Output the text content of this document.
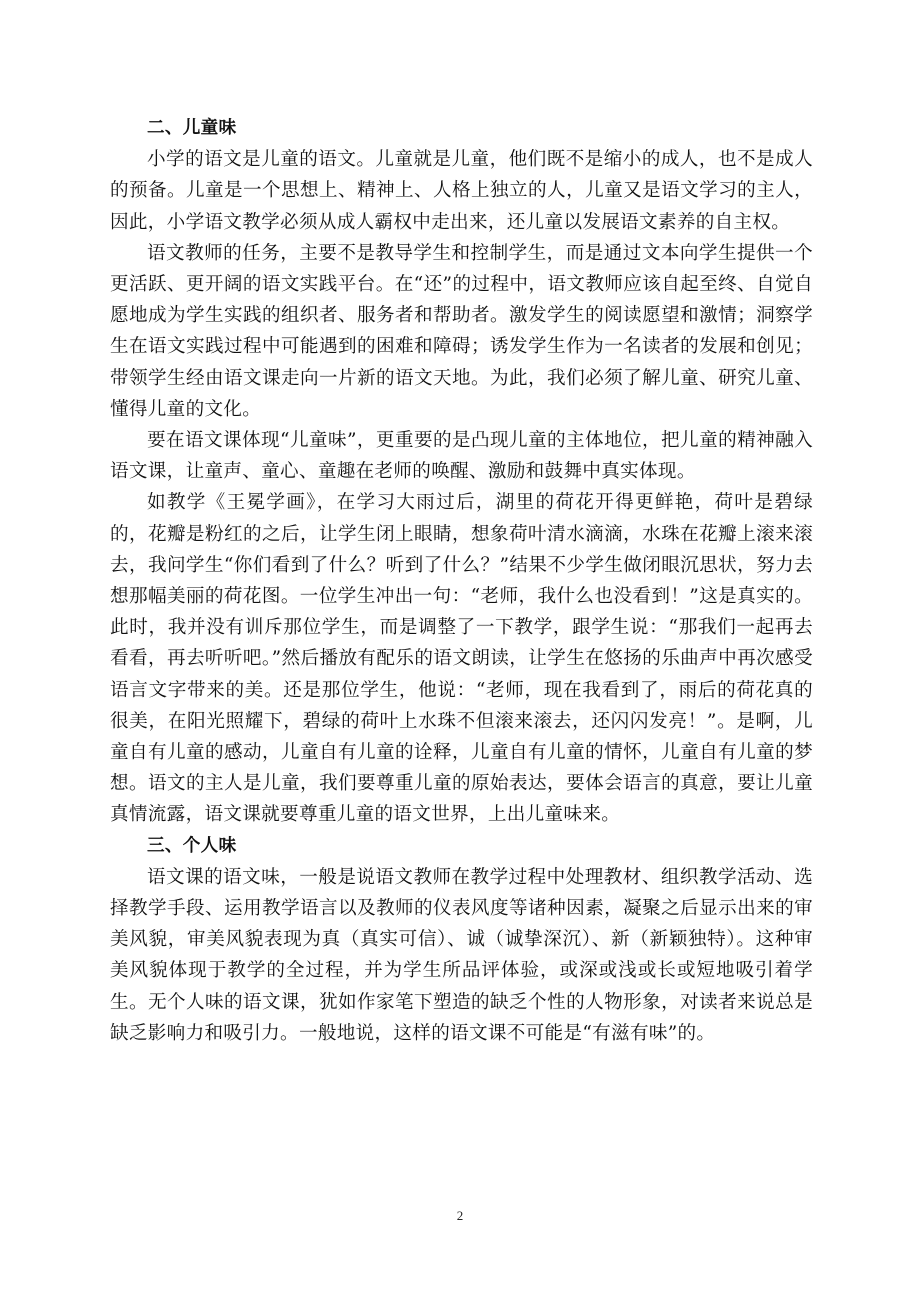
二、儿童味

小学的语文是儿童的语文。儿童就是儿童，他们既不是缩小的成人，也不是成人的预备。儿童是一个思想上、精神上、人格上独立的人，儿童又是语文学习的主人，因此，小学语文教学必须从成人霸权中走出来，还儿童以发展语文素养的自主权。

语文教师的任务，主要不是教导学生和控制学生，而是通过文本向学生提供一个更活跃、更开阔的语文实践平台。在“还”的过程中，语文教师应该自起至终、自觉自愿地成为学生实践的组织者、服务者和帮助者。激发学生的阅读愿望和激情；洞察学生在语文实践过程中可能遇到的困难和障碍；诱发学生作为一名读者的发展和创见；带领学生经由语文课走向一片新的语文天地。为此，我们必须了解儿童、研究儿童、懂得儿童的文化。

要在语文课体现“儿童味”，更重要的是凸现儿童的主体地位，把儿童的精神融入语文课，让童声、童心、童趣在老师的唤醒、激励和鼓舞中真实体现。

如教学《王冕学画》，在学习大雨过后，湖里的荷花开得更鲜艳，荷叶是碧绿的，花瓣是粉红的之后，让学生闭上眼睛，想象荷叶清水滴滴，水珠在花瓣上滚来滚去，我问学生“你们看到了什么？听到了什么？”结果不少学生做闭眼沉思状，努力去想那幅美丽的荷花图。一位学生冲出一句：“老师，我什么也没看到！”这是真实的。此时，我并没有训斥那位学生，而是调整了一下教学，跟学生说：“那我们一起再去看看，再去听听吧。”然后播放有配乐的语文朗读，让学生在悠扬的乐曲声中再次感受语言文字带来的美。还是那位学生，他说：“老师，现在我看到了，雨后的荷花真的很美，在阳光照耀下，碧绿的荷叶上水珠不但滚来滚去，还闪闪发亮！”。是啊，儿童自有儿童的感动，儿童自有儿童的诠释，儿童自有儿童的情怀，儿童自有儿童的梦想。语文的主人是儿童，我们要尊重儿童的原始表达，要体会语言的真意，要让儿童真情流露，语文课就要尊重儿童的语文世界，上出儿童味来。

三、个人味

语文课的语文味，一般是说语文教师在教学过程中处理教材、组织教学活动、选择教学手段、运用教学语言以及教师的仪表风度等诸种因素，凝聚之后显示出来的审美风貌，审美风貌表现为真（真实可信）、诚（诚挚深沉）、新（新颖独特）。这种审美风貌体现于教学的全过程，并为学生所品评体验，或深或浅或长或短地吸引着学生。无个人味的语文课，犹如作家笔下塑造的缺乏个性的人物形象，对读者来说总是缺乏影响力和吸引力。一般地说，这样的语文课不可能是“有滋有味”的。

2
